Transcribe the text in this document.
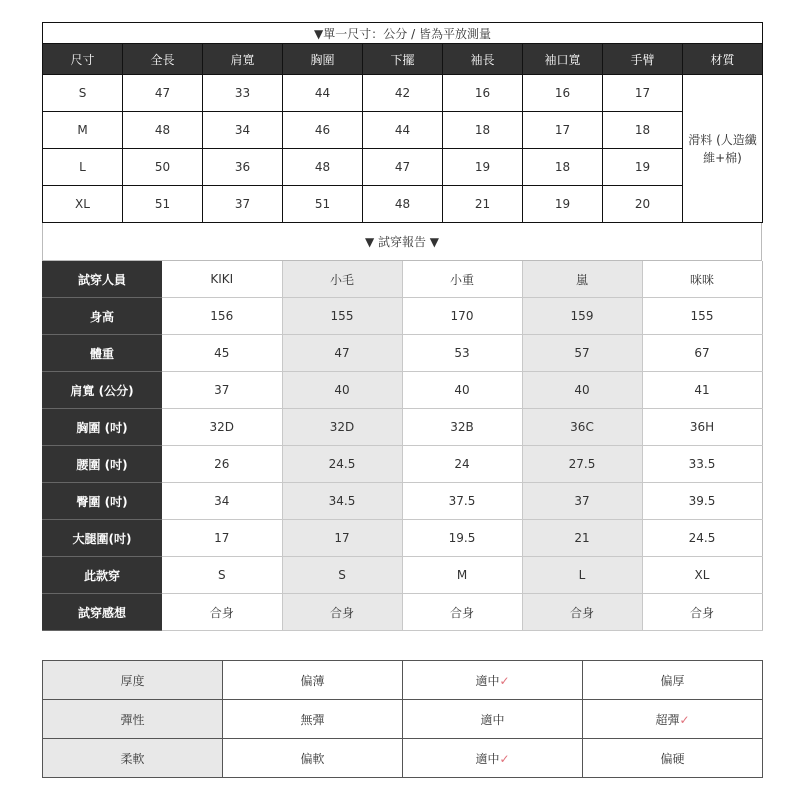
▼單一尺寸：公分 / 皆為平放測量								
尺寸	全長	肩寬	胸圍	下擺	袖長	袖口寬	手臂	材質
S	47	33	44	42	16	16	17	滑料 (人造纖維+棉)
M	48	34	46	44	18	17	18	
L	50	36	48	47	19	18	19	
XL	51	37	51	48	21	19	20	
▼ 試穿報告 ▼
試穿人員	KIKI	小毛	小重	嵐	咪咪
身高	156	155	170	159	155
體重	45	47	53	57	67
肩寬 (公分)	37	40	40	40	41
胸圍 (吋)	32D	32D	32B	36C	36H
腰圍 (吋)	26	24.5	24	27.5	33.5
臀圍 (吋)	34	34.5	37.5	37	39.5
大腿圍(吋)	17	17	19.5	21	24.5
此款穿	S	S	M	L	XL
試穿感想	合身	合身	合身	合身	合身
厚度	偏薄	適中✓	偏厚
彈性	無彈	適中	超彈✓
柔軟	偏軟	適中✓	偏硬
